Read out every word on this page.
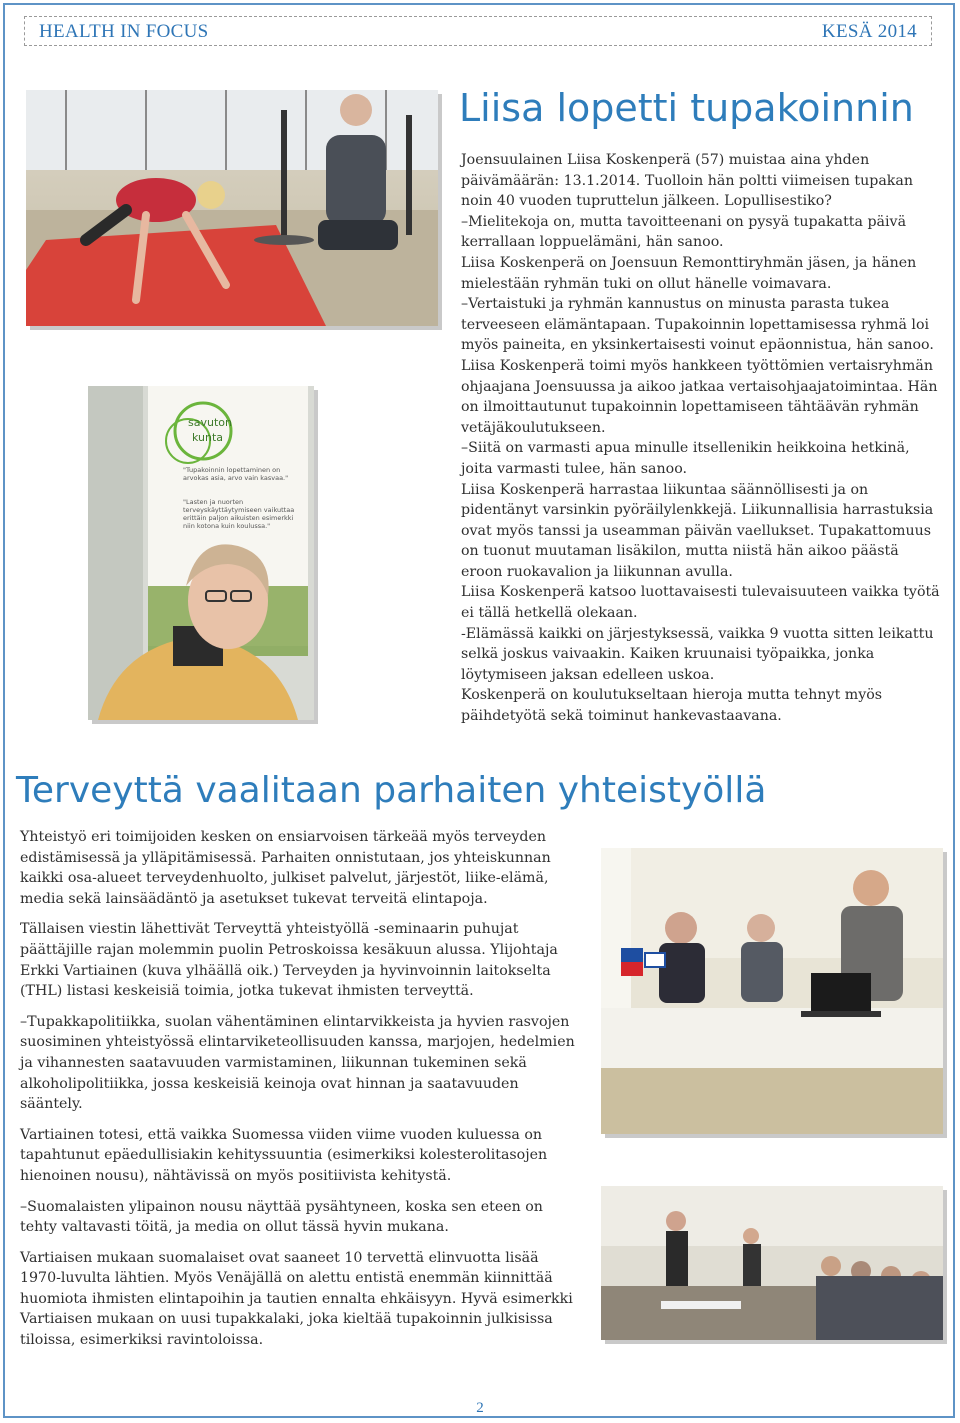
HEALTH IN FOCUS	KESÄ 2014
savuton
kunta
"Tupakoinnin lopettaminen on arvokas asia, arvo vain kasvaa."
"Lasten ja nuorten terveyskäyttäytymiseen vaikuttaa erittäin paljon aikuisten esimerkki niin kotona kuin koulussa."
Liisa lopetti tupakoinnin

Joensuulainen Liisa Koskenperä (57) muistaa aina yhden päivämäärän: 13.1.2014. Tuolloin hän poltti viimeisen tupakan noin 40 vuoden tupruttelun jälkeen. Lopullisestiko?

–Mielitekoja on, mutta tavoitteenani on pysyä tupakatta päivä kerrallaan loppuelämäni, hän sanoo.

Liisa Koskenperä on Joensuun Remonttiryhmän jäsen, ja hänen mielestään ryhmän tuki on ollut hänelle voimavara.

–Vertaistuki ja ryhmän kannustus on minusta parasta tukea terveeseen elämäntapaan. Tupakoinnin lopettamisessa ryhmä loi myös paineita, en yksinkertaisesti voinut epäonnistua, hän sanoo.

Liisa Koskenperä toimi myös hankkeen työttömien vertaisryhmän ohjaajana Joensuussa ja aikoo jatkaa vertaisohjaajatoimintaa. Hän on ilmoittautunut tupakoinnin lopettamiseen tähtäävän ryhmän vetäjäkoulutukseen.

–Siitä on varmasti apua minulle itsellenikin heikkoina hetkinä, joita varmasti tulee, hän sanoo.

Liisa Koskenperä harrastaa liikuntaa säännöllisesti ja on pidentänyt varsinkin pyöräilylenkkejä. Liikunnallisia harrastuksia ovat myös tanssi ja useamman päivän vaellukset. Tupakattomuus on tuonut muutaman lisäkilon, mutta niistä hän aikoo päästä eroon ruokavalion ja liikunnan avulla.

Liisa Koskenperä katsoo luottavaisesti tulevaisuuteen vaikka työtä ei tällä hetkellä olekaan.

-Elämässä kaikki on järjestyksessä, vaikka 9 vuotta sitten leikattu selkä joskus vaivaakin. Kaiken kruunaisi työpaikka, jonka löytymiseen jaksan edelleen uskoa.

Koskenperä on koulutukseltaan hieroja mutta tehnyt myös päihdetyötä sekä toiminut hankevastaavana.

Terveyttä vaalitaan parhaiten yhteistyöllä

Yhteistyö eri toimijoiden kesken on ensiarvoisen tärkeää myös terveyden edistämisessä ja ylläpitämisessä. Parhaiten onnistutaan, jos yhteiskunnan kaikki osa-alueet terveydenhuolto, julkiset palvelut, järjestöt, liike-elämä, media sekä lainsäädäntö ja asetukset tukevat terveitä elintapoja.

Tällaisen viestin lähettivät Terveyttä yhteistyöllä -seminaarin puhujat päättäjille rajan molemmin puolin Petroskoissa kesäkuun alussa. Ylijohtaja Erkki Vartiainen (kuva ylhäällä oik.) Terveyden ja hyvinvoinnin laitokselta (THL) listasi keskeisiä toimia, jotka tukevat ihmisten terveyttä.

–Tupakkapolitiikka, suolan vähentäminen elintarvikkeista ja hyvien rasvojen suosiminen yhteistyössä elintarviketeollisuuden kanssa, marjojen, hedelmien ja vihannesten saatavuuden varmistaminen, liikunnan tukeminen sekä alkoholipolitiikka, jossa keskeisiä keinoja ovat hinnan ja saatavuuden sääntely.

Vartiainen totesi, että vaikka Suomessa viiden viime vuoden kuluessa on tapahtunut epäedullisiakin kehityssuuntia (esimerkiksi kolesterolitasojen hienoinen nousu), nähtävissä on myös positiivista kehitystä.

–Suomalaisten ylipainon nousu näyttää pysähtyneen, koska sen eteen on tehty valtavasti töitä, ja media on ollut tässä hyvin mukana.

Vartiaisen mukaan suomalaiset ovat saaneet 10 tervettä elinvuotta lisää 1970-luvulta lähtien. Myös Venäjällä on alettu entistä enemmän kiinnittää huomiota ihmisten elintapoihin ja tautien ennalta ehkäisyyn. Hyvä esimerkki Vartiaisen mukaan on uusi tupakkalaki, joka kieltää tupakoinnin julkisissa tiloissa, esimerkiksi ravintoloissa.

2
